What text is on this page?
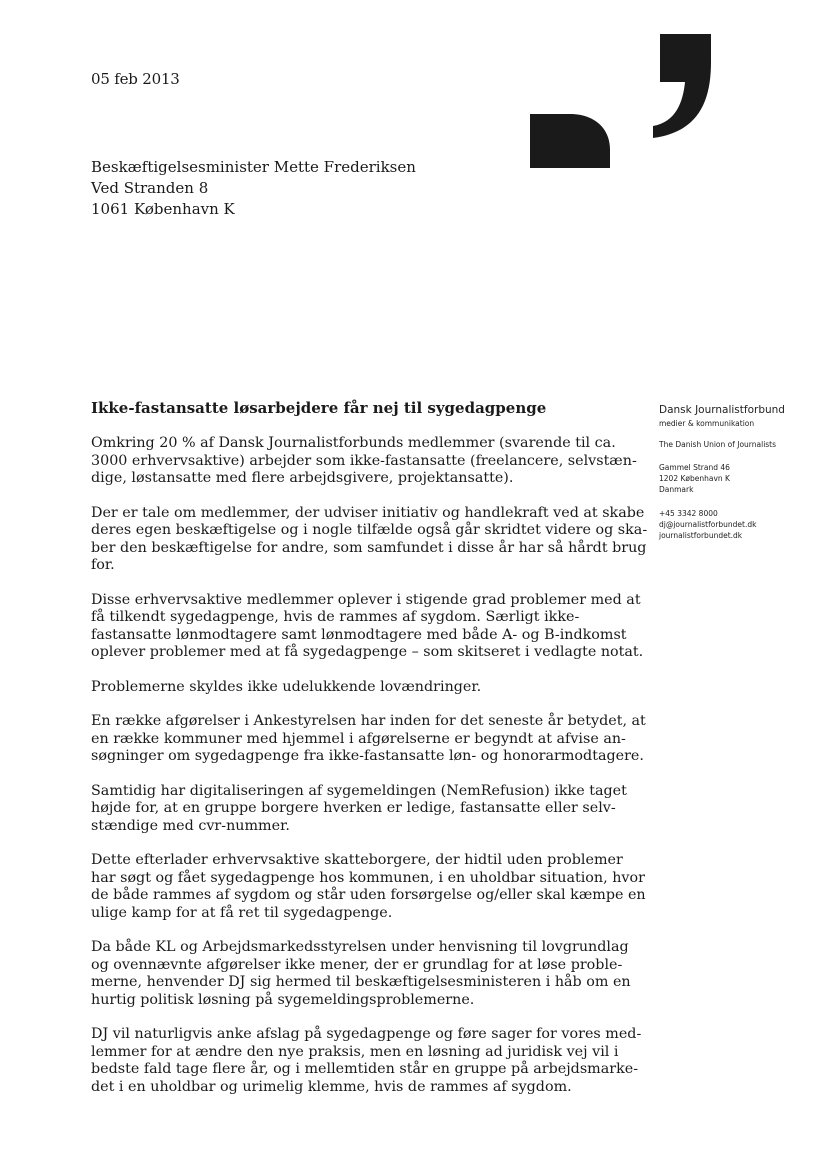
05 feb 2013
Beskæftigelsesminister Mette Frederiksen
Ved Stranden 8
1061 København K
Dansk Journalistforbund
medier & kommunikation
The Danish Union of Journalists
Gammel Strand 46
1202 København K
Danmark
+45 3342 8000
dj@journalistforbundet.dk
journalistforbundet.dk
Ikke-fastansatte løsarbejdere får nej til sygedagpenge
Omkring 20 % af Dansk Journalistforbunds medlemmer (svarende til ca.
3000 erhvervsaktive) arbejder som ikke-fastansatte (freelancere, selvstæn-
dige, løstansatte med flere arbejdsgivere, projektansatte).
Der er tale om medlemmer, der udviser initiativ og handlekraft ved at skabe
deres egen beskæftigelse og i nogle tilfælde også går skridtet videre og ska-
ber den beskæftigelse for andre, som samfundet i disse år har så hårdt brug
for.
Disse erhvervsaktive medlemmer oplever i stigende grad problemer med at
få tilkendt sygedagpenge, hvis de rammes af sygdom. Særligt ikke-
fastansatte lønmodtagere samt lønmodtagere med både A- og B-indkomst
oplever problemer med at få sygedagpenge – som skitseret i vedlagte notat.
Problemerne skyldes ikke udelukkende lovændringer.
En række afgørelser i Ankestyrelsen har inden for det seneste år betydet, at
en række kommuner med hjemmel i afgørelserne er begyndt at afvise an-
søgninger om sygedagpenge fra ikke-fastansatte løn- og honorarmodtagere.
Samtidig har digitaliseringen af sygemeldingen (NemRefusion) ikke taget
højde for, at en gruppe borgere hverken er ledige, fastansatte eller selv-
stændige med cvr-nummer.
Dette efterlader erhvervsaktive skatteborgere, der hidtil uden problemer
har søgt og fået sygedagpenge hos kommunen, i en uholdbar situation, hvor
de både rammes af sygdom og står uden forsørgelse og/eller skal kæmpe en
ulige kamp for at få ret til sygedagpenge.
Da både KL og Arbejdsmarkedsstyrelsen under henvisning til lovgrundlag
og ovennævnte afgørelser ikke mener, der er grundlag for at løse proble-
merne, henvender DJ sig hermed til beskæftigelsesministeren i håb om en
hurtig politisk løsning på sygemeldingsproblemerne.
DJ vil naturligvis anke afslag på sygedagpenge og føre sager for vores med-
lemmer for at ændre den nye praksis, men en løsning ad juridisk vej vil i
bedste fald tage flere år, og i mellemtiden står en gruppe på arbejdsmarke-
det i en uholdbar og urimelig klemme, hvis de rammes af sygdom.
